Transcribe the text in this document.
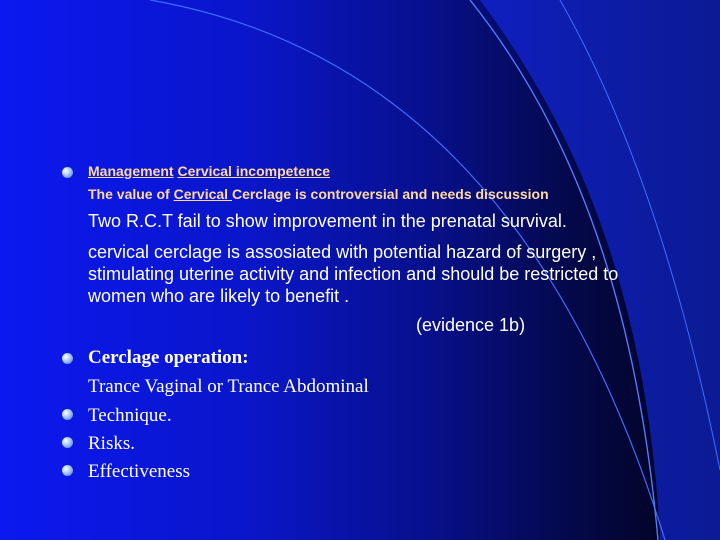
Management Cervical incompetence
The value of Cervical Cerclage is controversial and needs discussion
Two R.C.T fail to show improvement in the prenatal survival.
cervical cerclage is assosiated with potential hazard of surgery , stimulating uterine activity and infection and should be restricted to women who are likely to benefit .
(evidence 1b)
Cerclage operation:
Trance Vaginal or Trance Abdominal
Technique.
Risks.
Effectiveness
